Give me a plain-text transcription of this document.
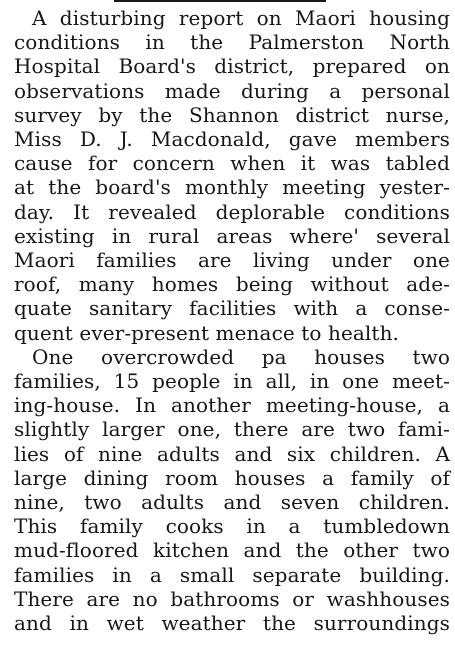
A disturbing report on Maori housing
conditions in the Palmerston North
Hospital Board's district, prepared on
observations made during a personal
survey by the Shannon district nurse,
Miss D. J. Macdonald, gave members
cause for concern when it was tabled
at the board's monthly meeting yester-
day. It revealed deplorable conditions
existing in rural areas where' several
Maori families are living under one
roof, many homes being without ade-
quate sanitary facilities with a conse-
quent ever-present menace to health.

One overcrowded pa houses two
families, 15 people in all, in one meet-
ing-house. In another meeting-house, a
slightly larger one, there are two fami-
lies of nine adults and six children. A
large dining room houses a family of
nine, two adults and seven children.
This family cooks in a tumbledown
mud-floored kitchen and the other two
families in a small separate building.
There are no bathrooms or washhouses
and in wet weather the surroundings
